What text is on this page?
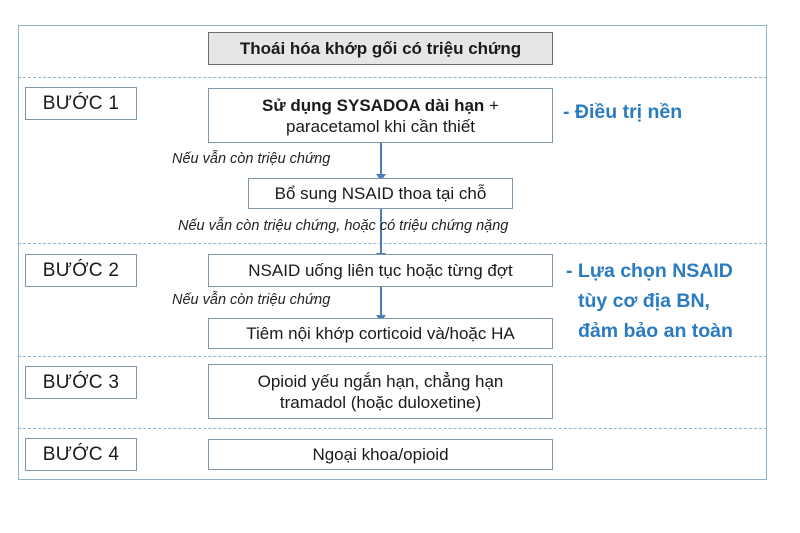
Thoái hóa khớp gối có triệu chứng
BƯỚC 1
BƯỚC 2
BƯỚC 3
BƯỚC 4
Sử dụng SYSADOA dài hạn +
paracetamol khi cần thiết
Nếu vẫn còn triệu chứng
Bổ sung NSAID thoa tại chỗ
Nếu vẫn còn triệu chứng, hoặc có triệu chứng nặng
NSAID uống liên tục hoặc từng đợt
Nếu vẫn còn triệu chứng
Tiêm nội khớp corticoid và/hoặc HA
Opioid yếu ngắn hạn, chẳng hạn
tramadol (hoặc duloxetine)
Ngoại khoa/opioid
- Điều trị nền
- Lựa chọn NSAID
tùy cơ địa BN,
đảm bảo an toàn
